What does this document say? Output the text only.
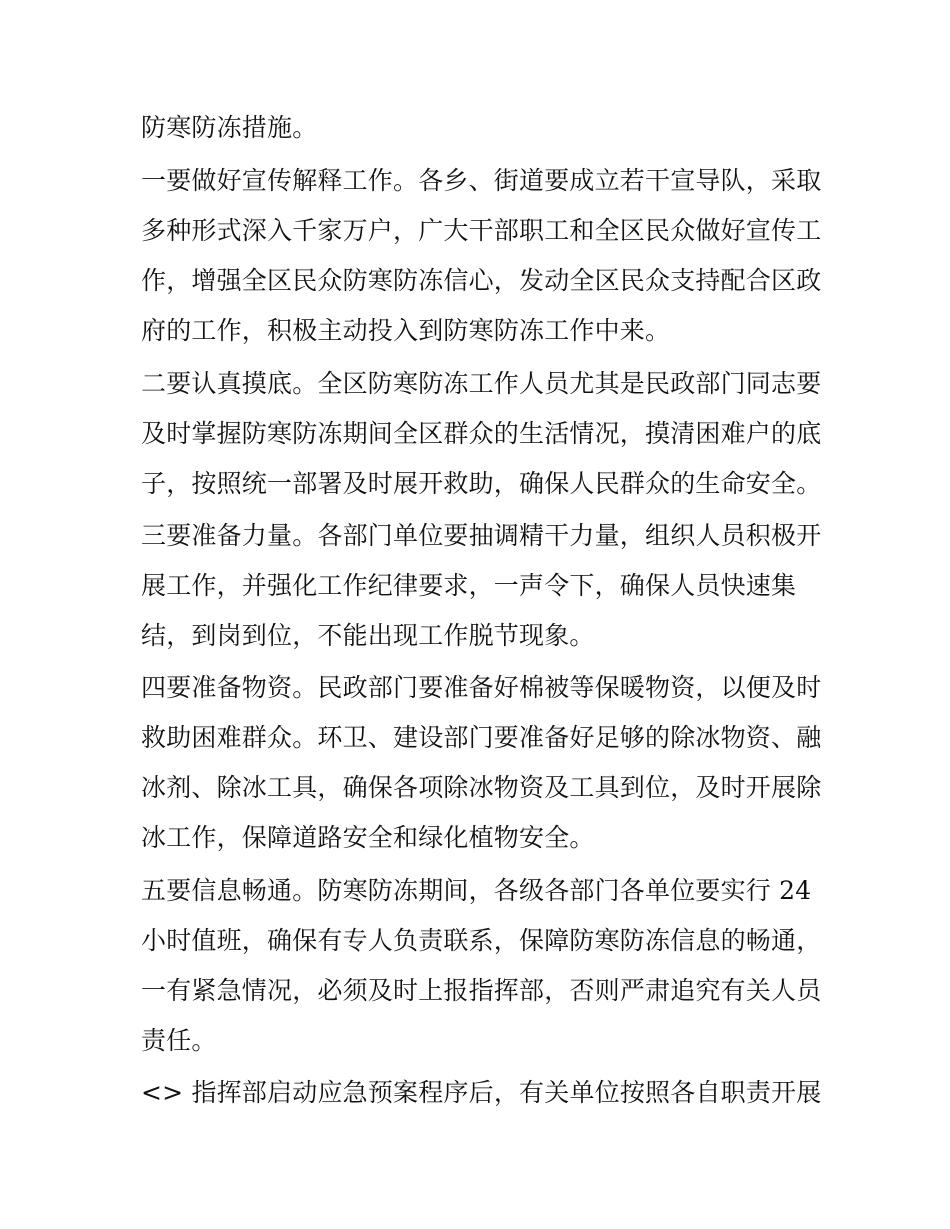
防寒防冻措施。
一要做好宣传解释工作。各乡、街道要成立若干宣导队，采取
多种形式深入千家万户，广大干部职工和全区民众做好宣传工
作，增强全区民众防寒防冻信心，发动全区民众支持配合区政
府的工作，积极主动投入到防寒防冻工作中来。
二要认真摸底。全区防寒防冻工作人员尤其是民政部门同志要
及时掌握防寒防冻期间全区群众的生活情况，摸清困难户的底
子，按照统一部署及时展开救助，确保人民群众的生命安全。
三要准备力量。各部门单位要抽调精干力量，组织人员积极开
展工作，并强化工作纪律要求，一声令下，确保人员快速集
结，到岗到位，不能出现工作脱节现象。
四要准备物资。民政部门要准备好棉被等保暖物资，以便及时
救助困难群众。环卫、建设部门要准备好足够的除冰物资、融
冰剂、除冰工具，确保各项除冰物资及工具到位，及时开展除
冰工作，保障道路安全和绿化植物安全。
五要信息畅通。防寒防冻期间，各级各部门各单位要实行 24
小时值班，确保有专人负责联系，保障防寒防冻信息的畅通，
一有紧急情况，必须及时上报指挥部，否则严肃追究有关人员
责任。
<> 指挥部启动应急预案程序后，有关单位按照各自职责开展
